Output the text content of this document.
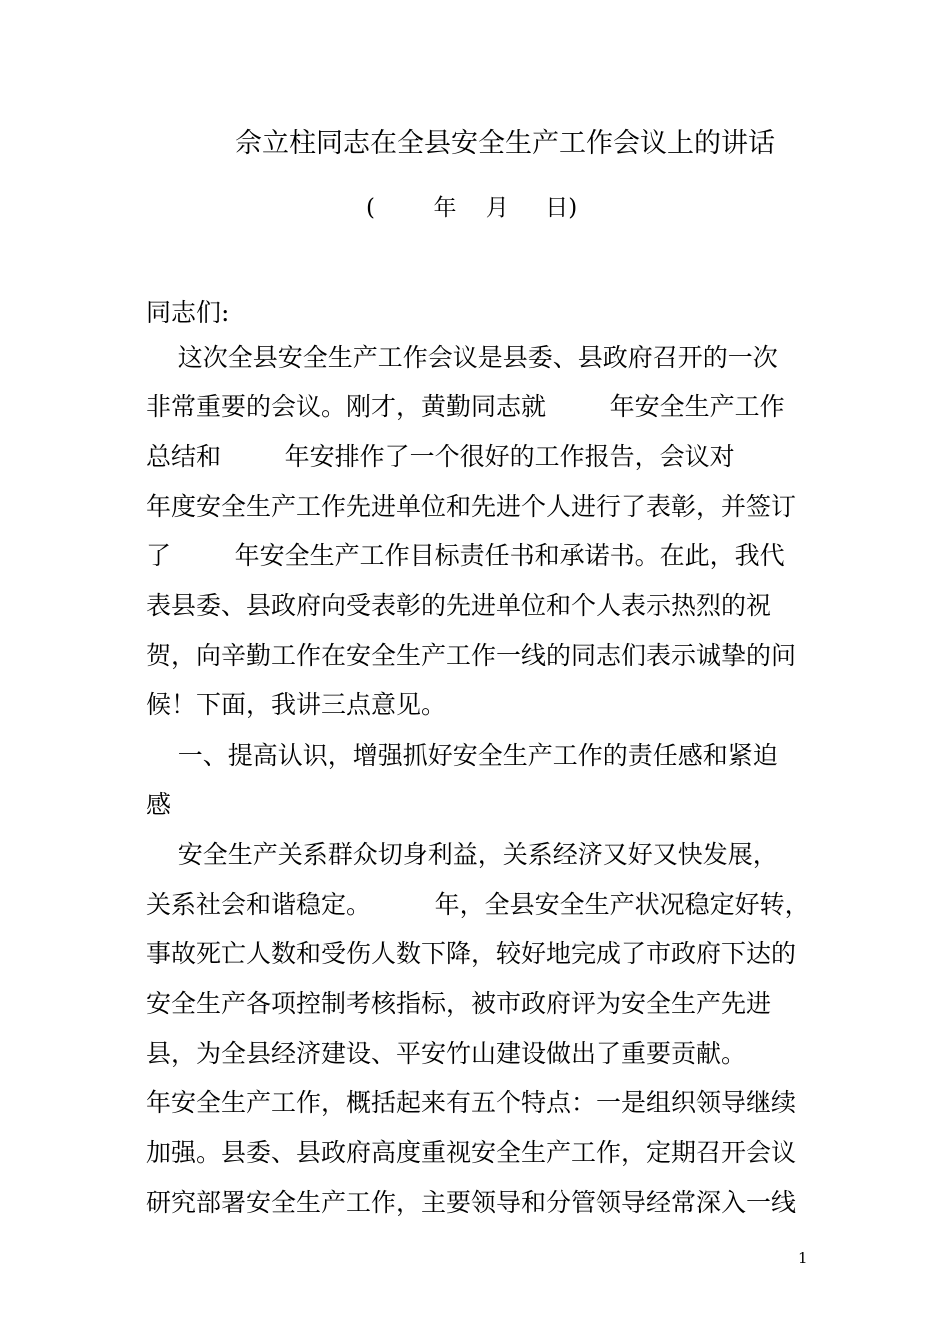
佘立柱同志在全县安全生产工作会议上的讲话
(        年    月     日)
同志们:
这次全县安全生产工作会议是县委、县政府召开的一次
非常重要的会议。刚才，黄勤同志就        年安全生产工作
总结和        年安排作了一个很好的工作报告，会议对
年度安全生产工作先进单位和先进个人进行了表彰，并签订
了        年安全生产工作目标责任书和承诺书。在此，我代
表县委、县政府向受表彰的先进单位和个人表示热烈的祝
贺，向辛勤工作在安全生产工作一线的同志们表示诚挚的问
候！下面，我讲三点意见。
一、提高认识，增强抓好安全生产工作的责任感和紧迫
感
安全生产关系群众切身利益，关系经济又好又快发展，
关系社会和谐稳定。        年，全县安全生产状况稳定好转，
事故死亡人数和受伤人数下降，较好地完成了市政府下达的
安全生产各项控制考核指标，被市政府评为安全生产先进
县，为全县经济建设、平安竹山建设做出了重要贡献。
年安全生产工作，概括起来有五个特点：一是组织领导继续
加强。县委、县政府高度重视安全生产工作，定期召开会议
研究部署安全生产工作，主要领导和分管领导经常深入一线
1
